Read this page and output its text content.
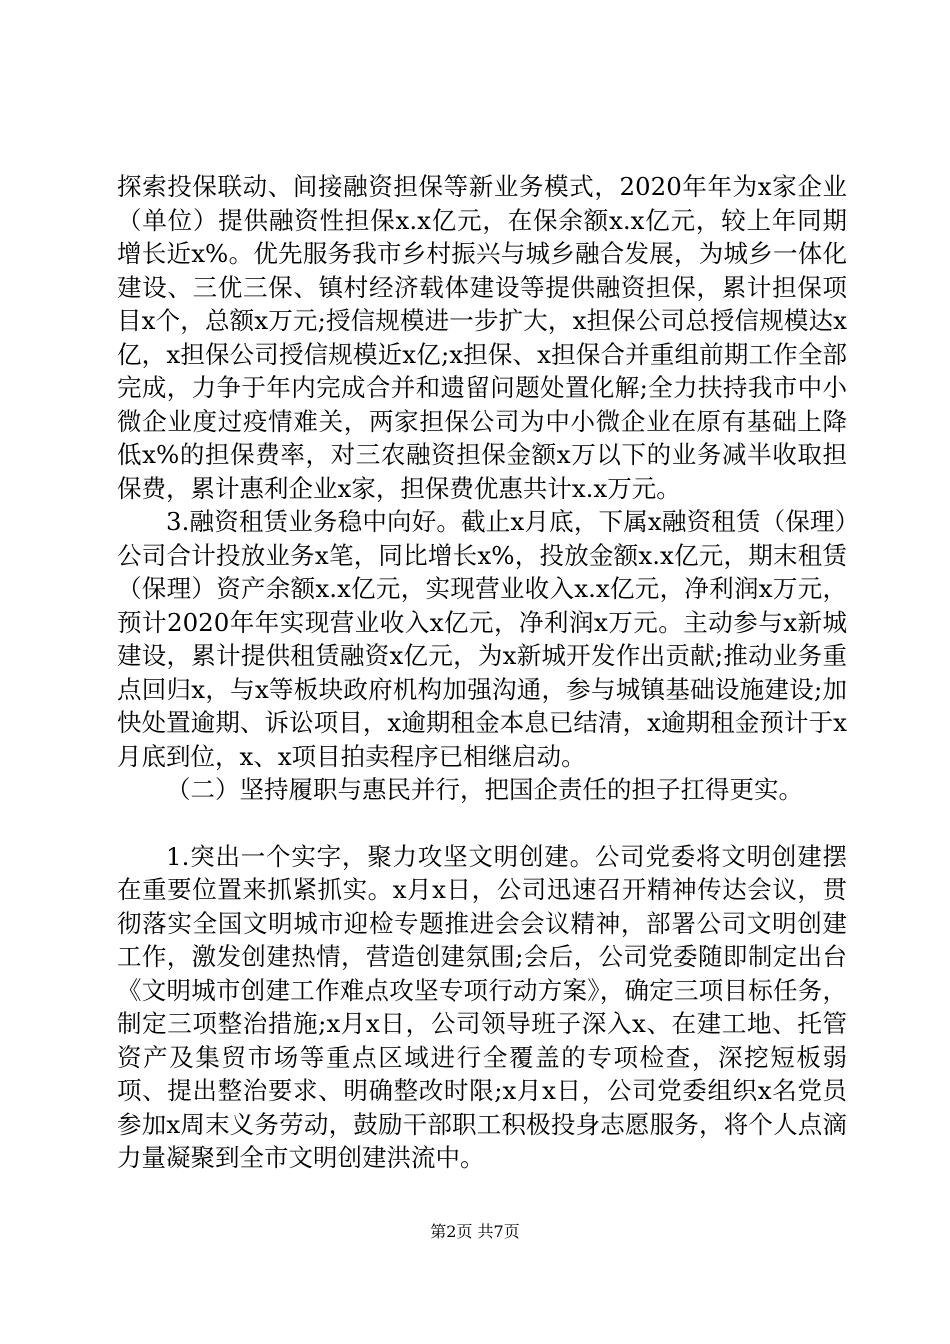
探索投保联动、间接融资担保等新业务模式，2020年年为x家企业（单位）提供融资性担保x.x亿元，在保余额x.x亿元，较上年同期增长近x%。优先服务我市乡村振兴与城乡融合发展，为城乡一体化建设、三优三保、镇村经济载体建设等提供融资担保，累计担保项目x个，总额x万元;授信规模进一步扩大，x担保公司总授信规模达x亿，x担保公司授信规模近x亿;x担保、x担保合并重组前期工作全部完成，力争于年内完成合并和遗留问题处置化解;全力扶持我市中小微企业度过疫情难关，两家担保公司为中小微企业在原有基础上降低x%的担保费率，对三农融资担保金额x万以下的业务减半收取担保费，累计惠利企业x家，担保费优惠共计x.x万元。

3.融资租赁业务稳中向好。截止x月底，下属x融资租赁（保理）公司合计投放业务x笔，同比增长x%，投放金额x.x亿元，期末租赁（保理）资产余额x.x亿元，实现营业收入x.x亿元，净利润x万元，预计2020年年实现营业收入x亿元，净利润x万元。主动参与x新城建设，累计提供租赁融资x亿元，为x新城开发作出贡献;推动业务重点回归x，与x等板块政府机构加强沟通，参与城镇基础设施建设;加快处置逾期、诉讼项目，x逾期租金本息已结清，x逾期租金预计于x月底到位，x、x项目拍卖程序已相继启动。

（二）坚持履职与惠民并行，把国企责任的担子扛得更实。

1.突出一个实字，聚力攻坚文明创建。公司党委将文明创建摆在重要位置来抓紧抓实。x月x日，公司迅速召开精神传达会议，贯彻落实全国文明城市迎检专题推进会会议精神，部署公司文明创建工作，激发创建热情，营造创建氛围;会后，公司党委随即制定出台《文明城市创建工作难点攻坚专项行动方案》，确定三项目标任务，制定三项整治措施;x月x日，公司领导班子深入x、在建工地、托管资产及集贸市场等重点区域进行全覆盖的专项检查，深挖短板弱项、提出整治要求、明确整改时限;x月x日，公司党委组织x名党员参加x周末义务劳动，鼓励干部职工积极投身志愿服务，将个人点滴力量凝聚到全市文明创建洪流中。

第2页 共7页
